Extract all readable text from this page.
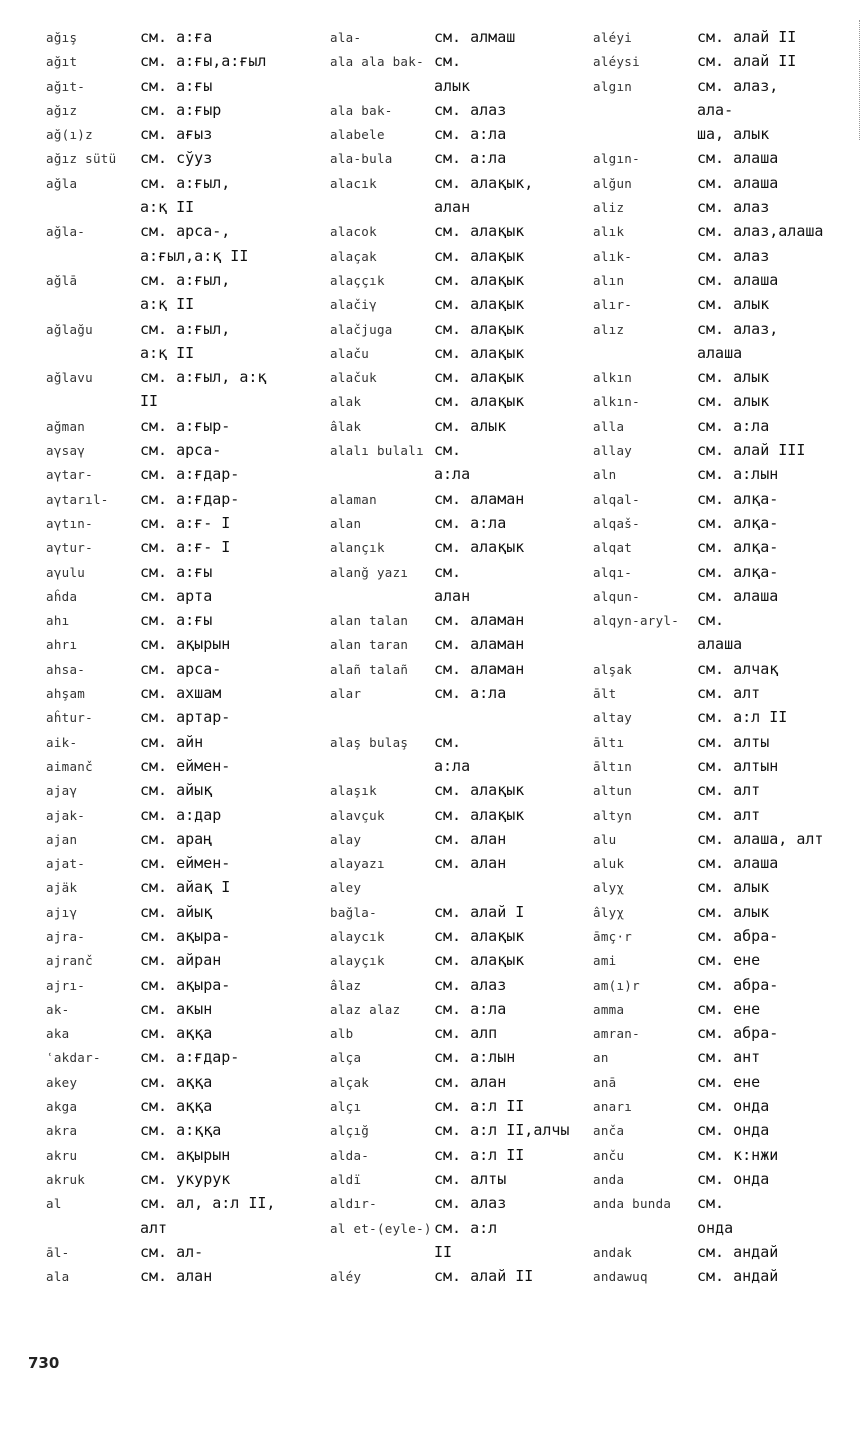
ağış	см. а:ға
ağıt	см. а:ғы,а:ғыл
ağıt-	см. а:ғы
ağız	см. а:ғыр
ağ(ı)z	см. ағыз
ağız sütü см. сўуз
ağla	см. а:ғыл,
а:қ II
ağla-	см. арса-,
а:ғыл,а:қ II
ağlā	см. а:ғыл,
а:қ II
ağlağu	см. а:ғыл,
а:қ II
ağlavu	см. а:ғыл, а:қ
II
ağman	см. а:ғыр-
aγsaγ	см. арса-
aγtar-	см. а:ғдар-
aγtarıl- см. а:ғдар-
aγtın-	см. а:ғ- I
aγtur-	см. а:ғ- I
aγulu	см. а:ғы
aĥda	см. арта
ahı	см. а:ғы
ahrı	см. ақырын
ahsa-	см. арса-
ahşam	см. ахшам
aĥtur-	см. артар-
aik-	см. айн
aimanč	см. еймен-
ajaγ	см. айық
ajak-	см. а:дар
ajan	см. араң
ajat-	см. еймен-
ajäk	см. айақ I
ajıγ	см. айық
ajra-	см. ақыра-
ajranč	см. айран
ajrı-	см. ақыра-
ak-	см. акын
aka	см. аққа
ʿakdar-	см. а:ғдар-
akey	см. аққа
akga	см. аққа
akra	см. а:ққа
akru	см. ақырын
akruk	см. укурук
al	см. ал, а:л II,
алт
āl-	см. ал-
ala	см. алан
ala-	см. алмаш
ala ala bak- см.
алык
ala bak-	см. алаз
alabele	см. а:ла
ala-bula	см. а:ла
alacık	см. алақык,
алан
alacok	см. алақык
alaçak	см. алақык
alaççık	см. алақык
alačiγ	см. алақык
alačjuga	см. алақык
alaču	см. алақык
alačuk	см. алақык
alak	см. алақык
âlak	см. алык
alalı bulalı см.
а:ла
alaman	см. аламан
alan	см. а:ла
alançık	см. алақык
alanğ yazı см.
алан
alan talan см. аламан
alan taran см. аламан
alañ talañ см. аламан
alar	см. а:ла
alaş bulaş см.
а:ла
alaşık	см. алақык
alavçuk	см. алақык
alay	см. алан
alayazı	см. алан
aley
bağla-	см. алай I
alaycık	см. алақык
alayçık	см. алақык
âlaz	см. алаз
alaz alaz см. а:ла
alb	см. алп
alça	см. а:лын
alçak	см. алан
alçı	см. а:л II
alçığ	см. а:л II,алчы
alda-	см. а:л II
aldï	см. алты
aldır-	см. алаз
al et-(eyle-) см. а:л
II
aléy	см. алай II
aléyi	см. алай II
aléysi	см. алай II
algın	см. алаз,
ала-
ша, алык
algın-	см. алаша
alğun	см. алаша
aliz	см. алаз
alık	см. алаз,алаша
alık-	см. алаз
alın	см. алаша
alır-	см. алык
alız	см. алаз,
алаша
alkın	см. алык
alkın-	см. алык
alla	см. а:ла
allay	см. алай III
aln	см. а:лын
alqal-	см. алқа-
alqaš-	см. алқа-
alqat	см. алқа-
alqı-	см. алқа-
alqun-	см. алаша
alqyn-aryl- см.
алаша
alşak	см. алчақ
ālt	см. алт
altay	см. а:л II
āltı	см. алты
āltın	см. алтын
altun	см. алт
altyn	см. алт
alu	см. алаша, алт
aluk	см. алаша
alyχ	см. алык
âlyχ	см. алык
āmç·r	см. абра-
ami	см. ене
am(ı)r	см. абра-
amma	см. ене
amran-	см. абра-
an	см. ант
anā	см. ене
anarı	см. онда
anča	см. онда
anču	см. к:нжи
anda	см. онда
anda bunda см.
онда
andak	см. андай
andawuq	см. андай
730
